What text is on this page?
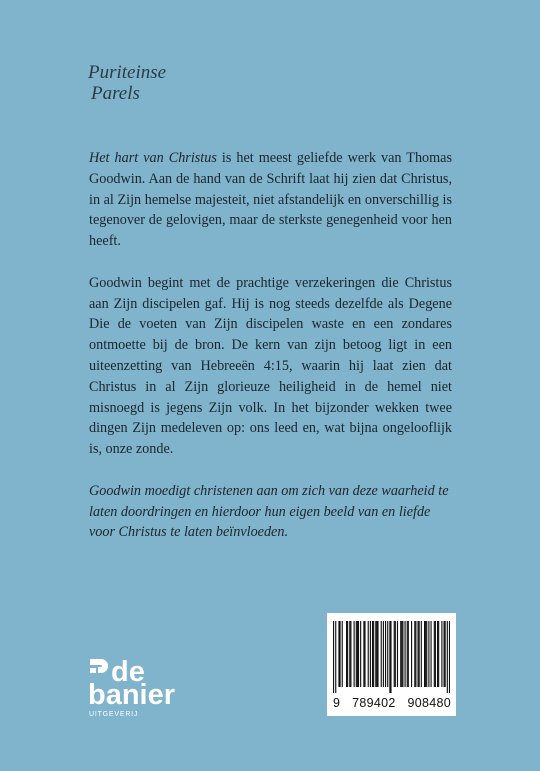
Puriteinse
Parels

Het hart van Christus is het meest geliefde werk van Thomas Goodwin. Aan de hand van de Schrift laat hij zien dat Christus, in al Zijn hemelse majesteit, niet afstandelijk en onverschillig is tegenover de gelovigen, maar de sterkste genegenheid voor hen heeft.

Goodwin begint met de prachtige verzekeringen die Christus aan Zijn discipelen gaf. Hij is nog steeds dezelfde als Degene Die de voeten van Zijn discipelen waste en een zondares ontmoette bij de bron. De kern van zijn betoog ligt in een uiteenzetting van Hebreeën 4:15, waarin hij laat zien dat Christus in al Zijn glorieuze heiligheid in de hemel niet misnoegd is jegens Zijn volk. In het bijzonder wekken twee dingen Zijn medeleven op: ons leed en, wat bijna ongelooflijk is, onze zonde.

Goodwin moedigt christenen aan om zich van deze waarheid te laten doordringen en hierdoor hun eigen beeld van en liefde voor Christus te laten beïnvloeden.

de
banier
UITGEVERIJ
9 789402 908480
